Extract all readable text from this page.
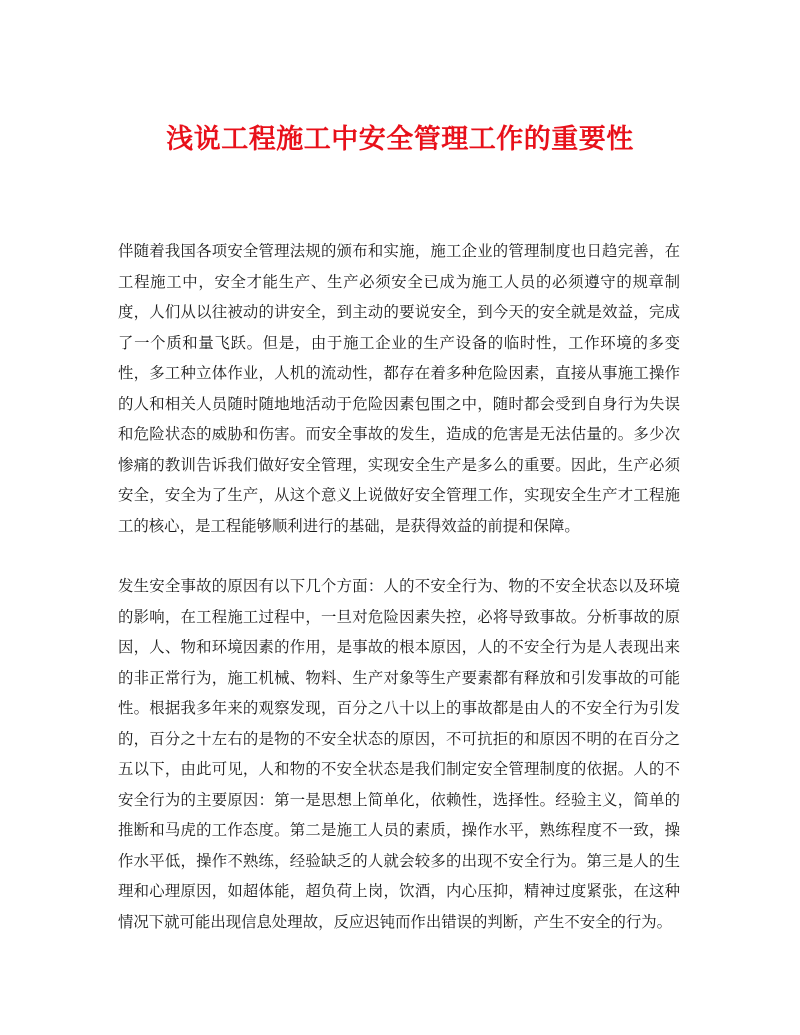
浅说工程施工中安全管理工作的重要性

伴随着我国各项安全管理法规的颁布和实施，施工企业的管理制度也日趋完善，在工程施工中，安全才能生产、生产必须安全已成为施工人员的必须遵守的规章制度，人们从以往被动的讲安全，到主动的要说安全，到今天的安全就是效益，完成了一个质和量飞跃。但是，由于施工企业的生产设备的临时性，工作环境的多变性，多工种立体作业，人机的流动性，都存在着多种危险因素，直接从事施工操作的人和相关人员随时随地地活动于危险因素包围之中，随时都会受到自身行为失误和危险状态的威胁和伤害。而安全事故的发生，造成的危害是无法估量的。多少次惨痛的教训告诉我们做好安全管理，实现安全生产是多么的重要。因此，生产必须安全，安全为了生产，从这个意义上说做好安全管理工作，实现安全生产才工程施工的核心，是工程能够顺利进行的基础，是获得效益的前提和保障。

发生安全事故的原因有以下几个方面：人的不安全行为、物的不安全状态以及环境的影响，在工程施工过程中，一旦对危险因素失控，必将导致事故。分析事故的原因，人、物和环境因素的作用，是事故的根本原因，人的不安全行为是人表现出来的非正常行为，施工机械、物料、生产对象等生产要素都有释放和引发事故的可能性。根据我多年来的观察发现，百分之八十以上的事故都是由人的不安全行为引发的，百分之十左右的是物的不安全状态的原因，不可抗拒的和原因不明的在百分之五以下，由此可见，人和物的不安全状态是我们制定安全管理制度的依据。人的不安全行为的主要原因：第一是思想上简单化，依赖性，选择性。经验主义，简单的推断和马虎的工作态度。第二是施工人员的素质，操作水平，熟练程度不一致，操作水平低，操作不熟练，经验缺乏的人就会较多的出现不安全行为。第三是人的生理和心理原因，如超体能，超负荷上岗，饮酒，内心压抑，精神过度紧张，在这种情况下就可能出现信息处理故，反应迟钝而作出错误的判断，产生不安全的行为。
